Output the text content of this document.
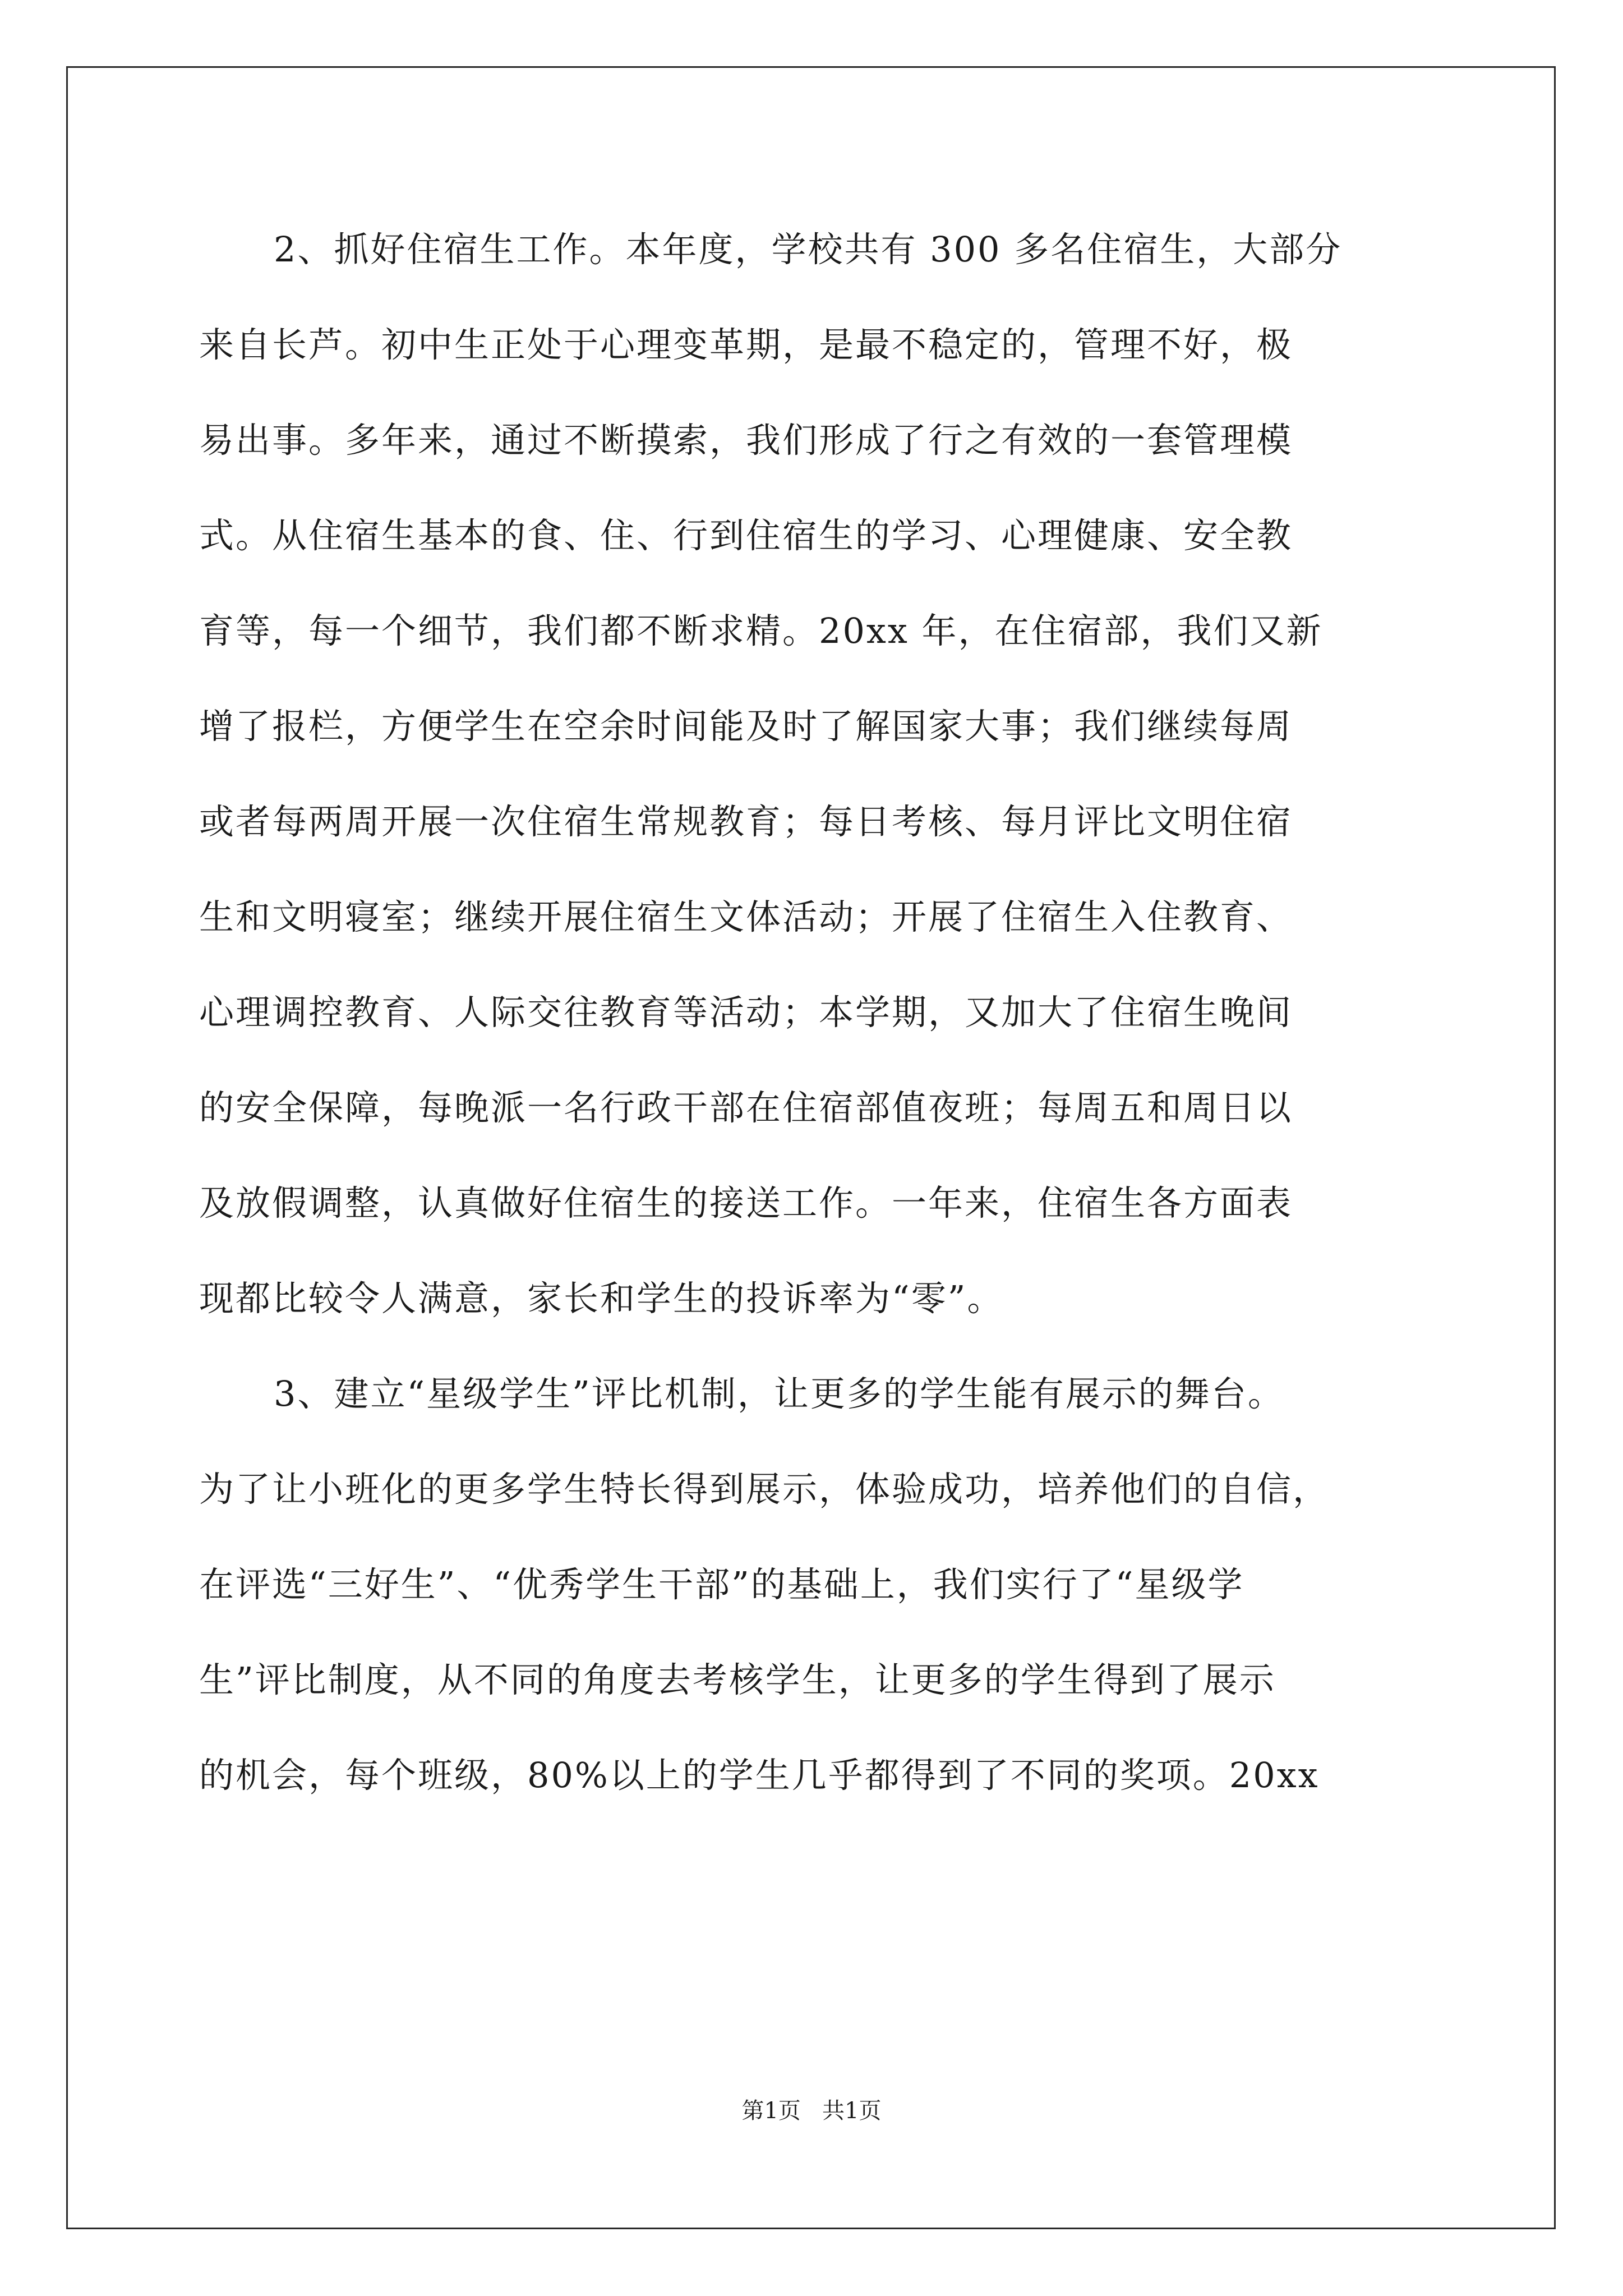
2、抓好住宿生工作。本年度，学校共有 300 多名住宿生，大部分
来自长芦。初中生正处于心理变革期，是最不稳定的，管理不好，极
易出事。多年来，通过不断摸索，我们形成了行之有效的一套管理模
式。从住宿生基本的食、住、行到住宿生的学习、心理健康、安全教
育等，每一个细节，我们都不断求精。20xx 年，在住宿部，我们又新
增了报栏，方便学生在空余时间能及时了解国家大事；我们继续每周
或者每两周开展一次住宿生常规教育；每日考核、每月评比文明住宿
生和文明寝室；继续开展住宿生文体活动；开展了住宿生入住教育、
心理调控教育、人际交往教育等活动；本学期，又加大了住宿生晚间
的安全保障，每晚派一名行政干部在住宿部值夜班；每周五和周日以
及放假调整，认真做好住宿生的接送工作。一年来，住宿生各方面表
现都比较令人满意，家长和学生的投诉率为“零”。
3、建立“星级学生”评比机制，让更多的学生能有展示的舞台。
为了让小班化的更多学生特长得到展示，体验成功，培养他们的自信，
在评选“三好生”、“优秀学生干部”的基础上，我们实行了“星级学
生”评比制度，从不同的角度去考核学生，让更多的学生得到了展示
的机会，每个班级，80%以上的学生几乎都得到了不同的奖项。20xx
第1页   共1页
